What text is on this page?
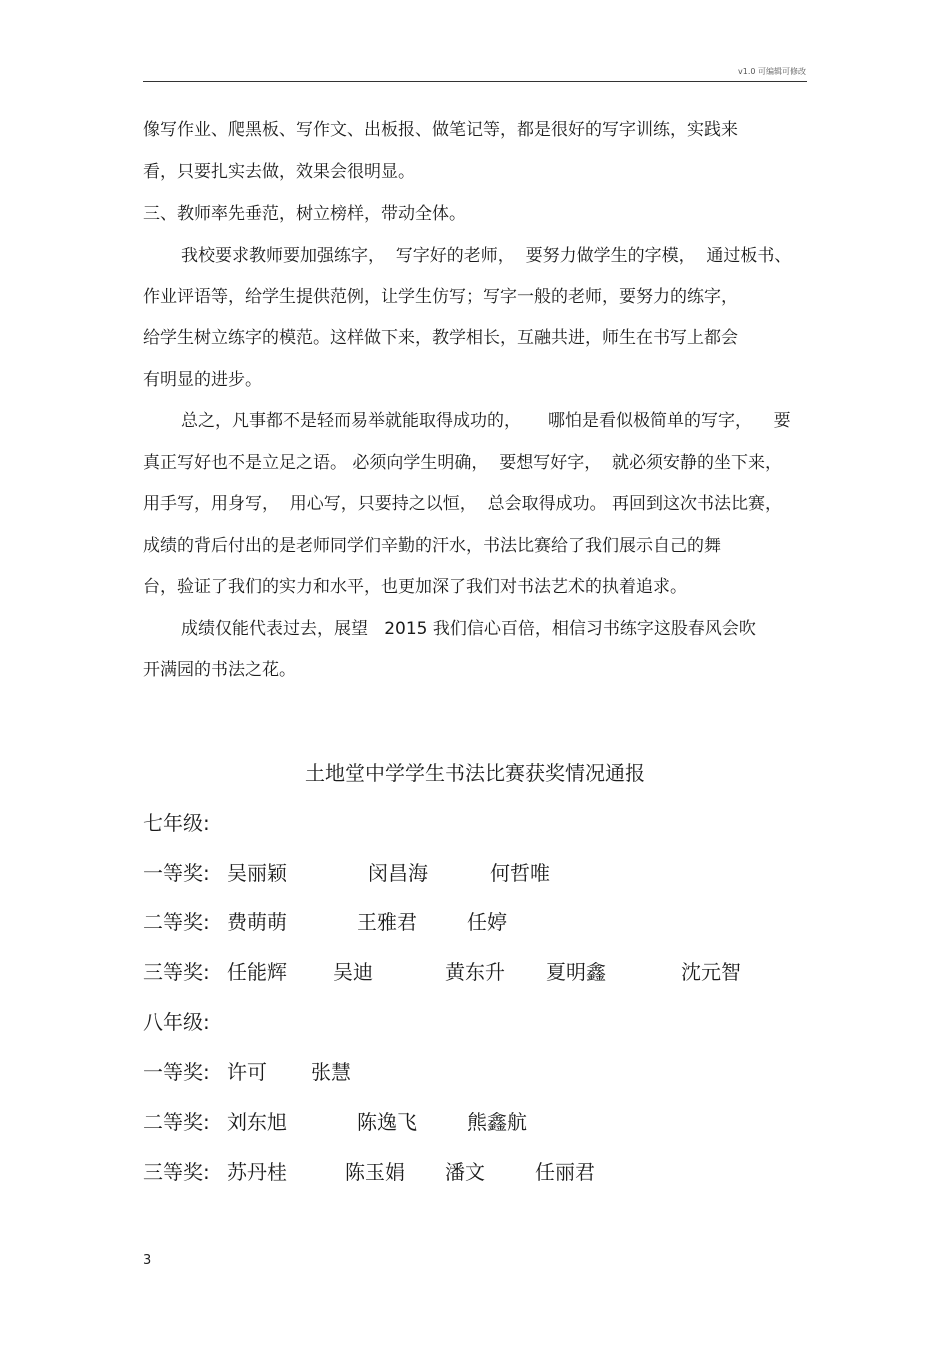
v1.0 可编辑可修改
像写作业、爬黑板、写作文、出板报、做笔记等，都是很好的写字训练，实践来
看，只要扎实去做，效果会很明显。
三、教师率先垂范，树立榜样，带动全体。
我校要求教师要加强练字，  写字好的老师，  要努力做学生的字模，  通过板书、
作业评语等，给学生提供范例，让学生仿写；写字一般的老师，要努力的练字，
给学生树立练字的模范。这样做下来，教学相长，互融共进，师生在书写上都会
有明显的进步。
总之，凡事都不是轻而易举就能取得成功的，     哪怕是看似极简单的写字，    要
真正写好也不是立足之语。 必须向学生明确，  要想写好字，  就必须安静的坐下来，
用手写，用身写，  用心写，只要持之以恒，  总会取得成功。 再回到这次书法比赛，
成绩的背后付出的是老师同学们辛勤的汗水，书法比赛给了我们展示自己的舞
台，验证了我们的实力和水平，也更加深了我们对书法艺术的执着追求。
成绩仅能代表过去，展望   2015 我们信心百倍，相信习书练字这股春风会吹
开满园的书法之花。
土地堂中学学生书法比赛获奖情况通报
七年级:
一等奖: 吴丽颖	闵昌海	何哲唯
二等奖: 费萌萌	王雅君	任婷
三等奖: 任能辉 吴迪	黄东升 夏明鑫	沈元智
八年级:
一等奖: 许可 张慧
二等奖: 刘东旭	陈逸飞	熊鑫航
三等奖: 苏丹桂	陈玉娟 潘文	任丽君
3
